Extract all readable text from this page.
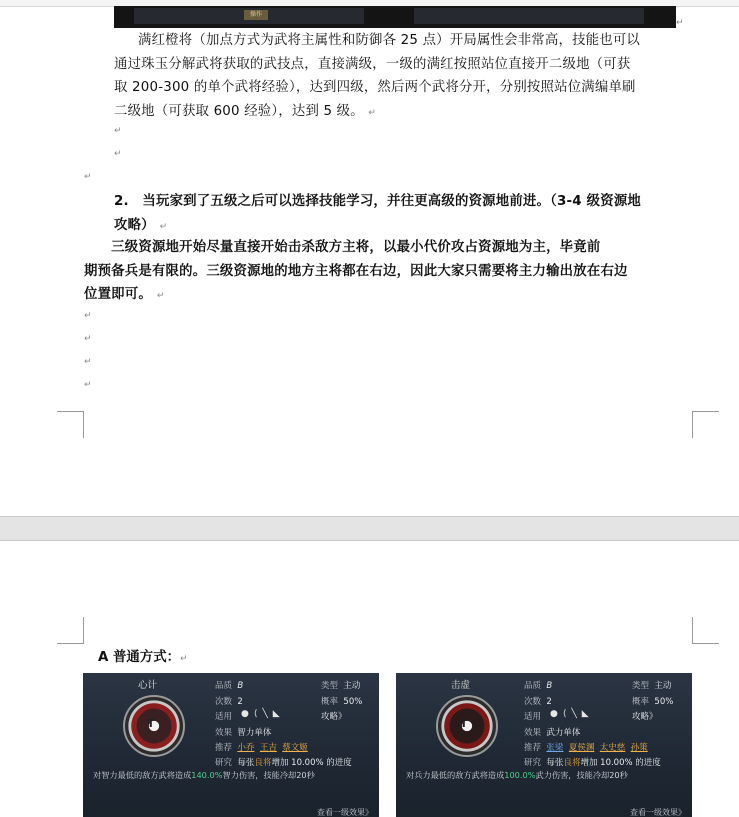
操作
↵
满红橙将（加点方式为武将主属性和防御各 25 点）开局属性会非常高，技能也可以
通过珠玉分解武将获取的武技点，直接满级，一级的满红按照站位直接开二级地（可获
取 200-300 的单个武将经验），达到四级，然后两个武将分开，分别按照站位满编单刷
二级地（可获取 600 经验），达到 5 级。 ↵
↵
↵
↵
2.　当玩家到了五级之后可以选择技能学习，并往更高级的资源地前进。（3-4 级资源地
攻略） ↵
　　三级资源地开始尽量直接开始击杀敌方主将，以最小代价攻占资源地为主，毕竟前
期预备兵是有限的。三级资源地的地方主将都在右边，因此大家只需要将主力输出放在右边
位置即可。 ↵
↵
↵
↵
↵
A 普通方式：↵
心计
T
品质 B	类型 主动
次数 2	概率 50%
适用 ● ⟨ ╲ ◣	攻略》
效果 智力单体
推荐 小乔 王吉 蔡文姬
研究 每张良将增加 10.00% 的进度
对智力最低的敌方武将造成140.0%智力伤害，技能冷却20秒
查看一级效果》
击虚
T
品质 B	类型 主动
次数 2	概率 50%
适用 ● ⟨ ╲ ◣	攻略》
效果 武力单体
推荐 张梁 夏侯渊 太史慈 孙策
研究 每张良将增加 10.00% 的进度
对兵力最低的敌方武将造成100.0%武力伤害，技能冷却20秒
查看一级效果》
